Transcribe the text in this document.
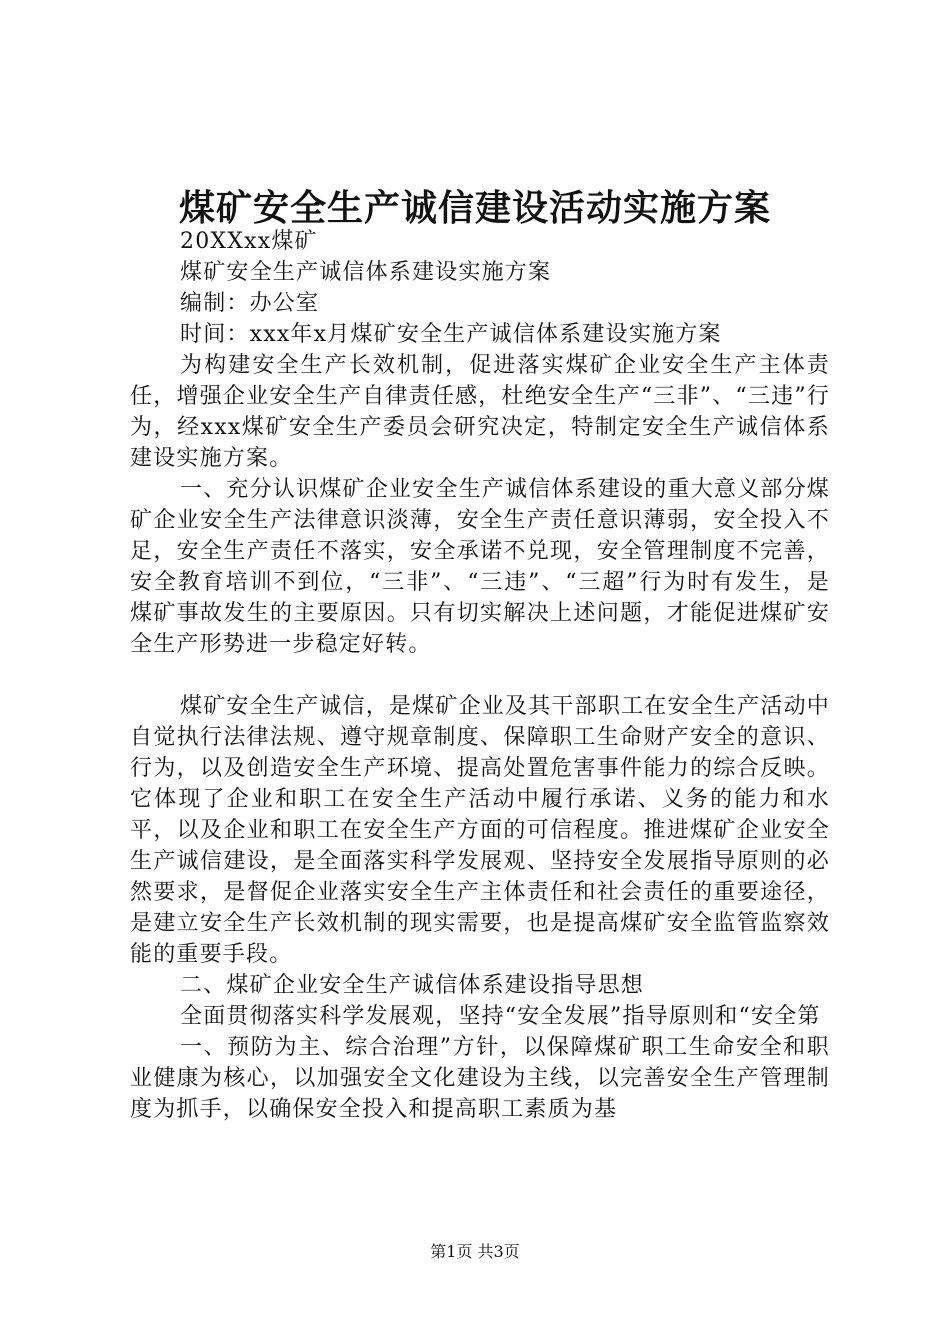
煤矿安全生产诚信建设活动实施方案

20XXxx煤矿

煤矿安全生产诚信体系建设实施方案

编制：办公室

时间：xxx年x月煤矿安全生产诚信体系建设实施方案

为构建安全生产长效机制，促进落实煤矿企业安全生产主体责任，增强企业安全生产自律责任感，杜绝安全生产“三非”、“三违”行为，经xxx煤矿安全生产委员会研究决定，特制定安全生产诚信体系建设实施方案。

一、充分认识煤矿企业安全生产诚信体系建设的重大意义部分煤矿企业安全生产法律意识淡薄，安全生产责任意识薄弱，安全投入不足，安全生产责任不落实，安全承诺不兑现，安全管理制度不完善，安全教育培训不到位，“三非”、“三违”、“三超”行为时有发生，是煤矿事故发生的主要原因。只有切实解决上述问题，才能促进煤矿安全生产形势进一步稳定好转。

煤矿安全生产诚信，是煤矿企业及其干部职工在安全生产活动中自觉执行法律法规、遵守规章制度、保障职工生命财产安全的意识、行为，以及创造安全生产环境、提高处置危害事件能力的综合反映。它体现了企业和职工在安全生产活动中履行承诺、义务的能力和水平，以及企业和职工在安全生产方面的可信程度。推进煤矿企业安全生产诚信建设，是全面落实科学发展观、坚持安全发展指导原则的必然要求，是督促企业落实安全生产主体责任和社会责任的重要途径，是建立安全生产长效机制的现实需要，也是提高煤矿安全监管监察效能的重要手段。

二、煤矿企业安全生产诚信体系建设指导思想

全面贯彻落实科学发展观，坚持“安全发展”指导原则和“安全第

一、预防为主、综合治理”方针，以保障煤矿职工生命安全和职业健康为核心，以加强安全文化建设为主线，以完善安全生产管理制度为抓手，以确保安全投入和提高职工素质为基

第1页 共3页
